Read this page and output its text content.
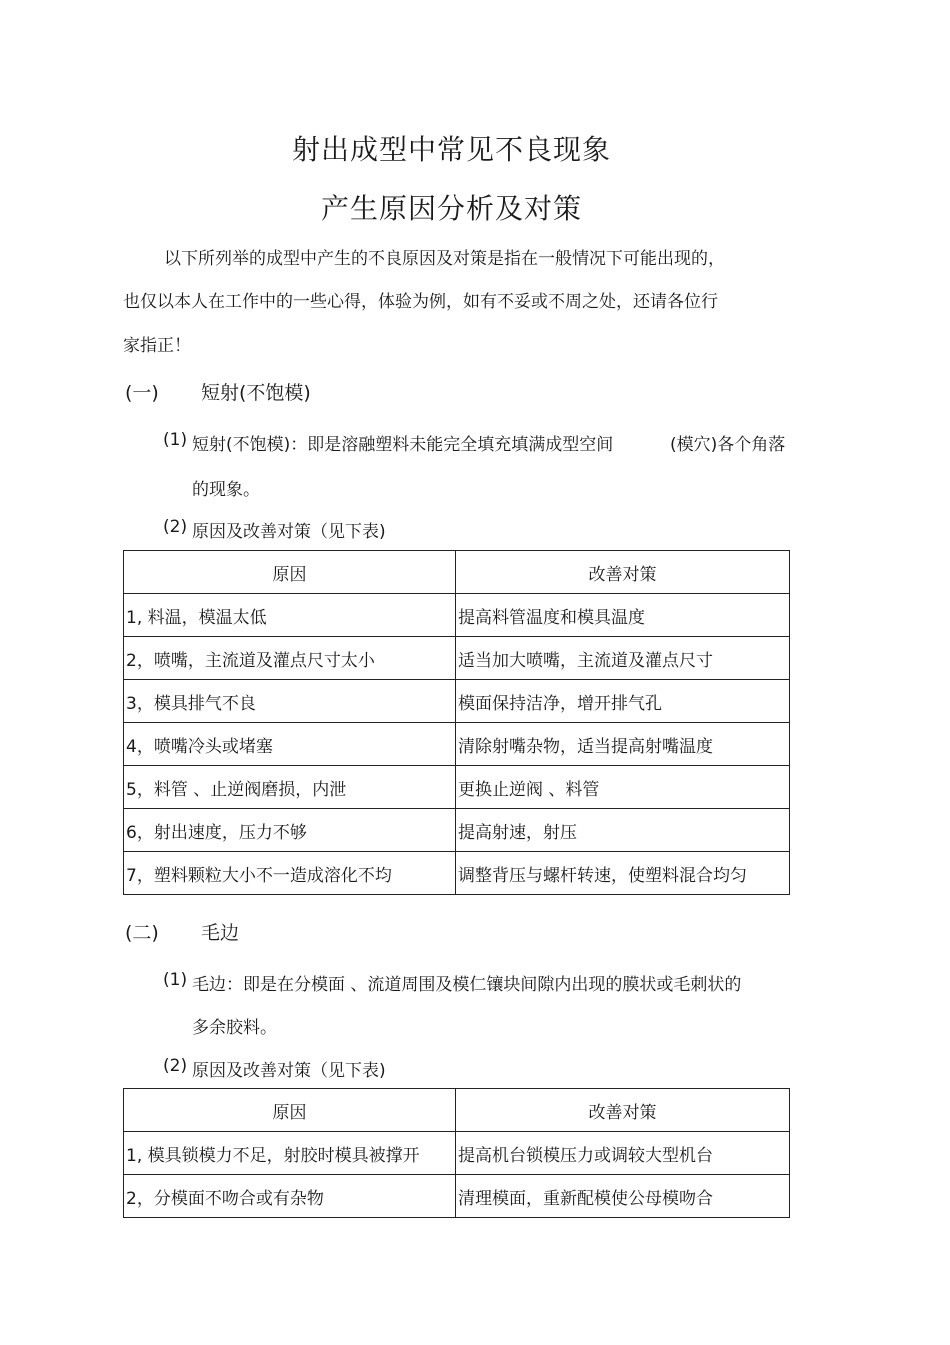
射出成型中常见不良现象
产生原因分析及对策
以下所列举的成型中产生的不良原因及对策是指在一般情况下可能出现的，
也仅以本人在工作中的一些心得，体验为例，如有不妥或不周之处，还请各位行
家指正！
(一) 短射(不饱模)
(1) 短射(不饱模)：即是溶融塑料未能完全填充填满成型空间	(模穴)各个角落
的现象。
(2) 原因及改善对策（见下表)
原因	改善对策
1, 料温，模温太低	提高料管温度和模具温度
2，喷嘴，主流道及灌点尺寸太小	适当加大喷嘴，主流道及灌点尺寸
3，模具排气不良	模面保持洁净，增开排气孔
4，喷嘴冷头或堵塞	清除射嘴杂物，适当提高射嘴温度
5，料管 、止逆阀磨损，内泄	更换止逆阀 、料管
6，射出速度，压力不够	提高射速，射压
7，塑料颗粒大小不一造成溶化不均	调整背压与螺杆转速，使塑料混合均匀
(二) 毛边
(1) 毛边：即是在分模面 、流道周围及模仁镶块间隙内出现的膜状或毛刺状的
多余胶料。
(2) 原因及改善对策（见下表)
原因	改善对策
1, 模具锁模力不足，射胶时模具被撑开	提高机台锁模压力或调较大型机台
2，分模面不吻合或有杂物	清理模面，重新配模使公母模吻合
